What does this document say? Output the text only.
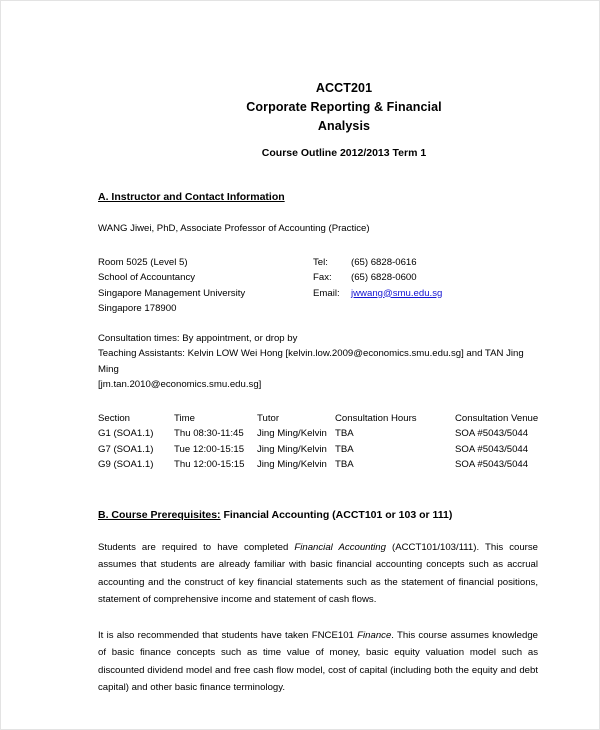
ACCT201
Corporate Reporting & Financial
Analysis
Course Outline 2012/2013 Term 1
A. Instructor and Contact Information
WANG Jiwei, PhD, Associate Professor of Accounting (Practice)
Room 5025 (Level 5)
School of Accountancy
Singapore Management University
Singapore 178900
Tel:	(65) 6828-0616
Fax:	(65) 6828-0600
Email:	jwwang@smu.edu.sg
Consultation times: By appointment, or drop by
Teaching Assistants: Kelvin LOW Wei Hong [kelvin.low.2009@economics.smu.edu.sg] and TAN Jing Ming
[jm.tan.2010@economics.smu.edu.sg]
Section	Time	Tutor	Consultation Hours	Consultation Venue
G1 (SOA1.1)	Thu 08:30-11:45	Jing Ming/Kelvin	TBA	SOA #5043/5044
G7 (SOA1.1)	Tue 12:00-15:15	Jing Ming/Kelvin	TBA	SOA #5043/5044
G9 (SOA1.1)	Thu 12:00-15:15	Jing Ming/Kelvin	TBA	SOA #5043/5044
B. Course Prerequisites: Financial Accounting (ACCT101 or 103 or 111)

Students are required to have completed Financial Accounting (ACCT101/103/111). This course assumes that students are already familiar with basic financial accounting concepts such as accrual accounting and the construct of key financial statements such as the statement of financial positions, statement of comprehensive income and statement of cash flows.

It is also recommended that students have taken FNCE101 Finance. This course assumes knowledge of basic finance concepts such as time value of money, basic equity valuation model such as discounted dividend model and free cash flow model, cost of capital (including both the equity and debt capital) and other basic finance terminology.
